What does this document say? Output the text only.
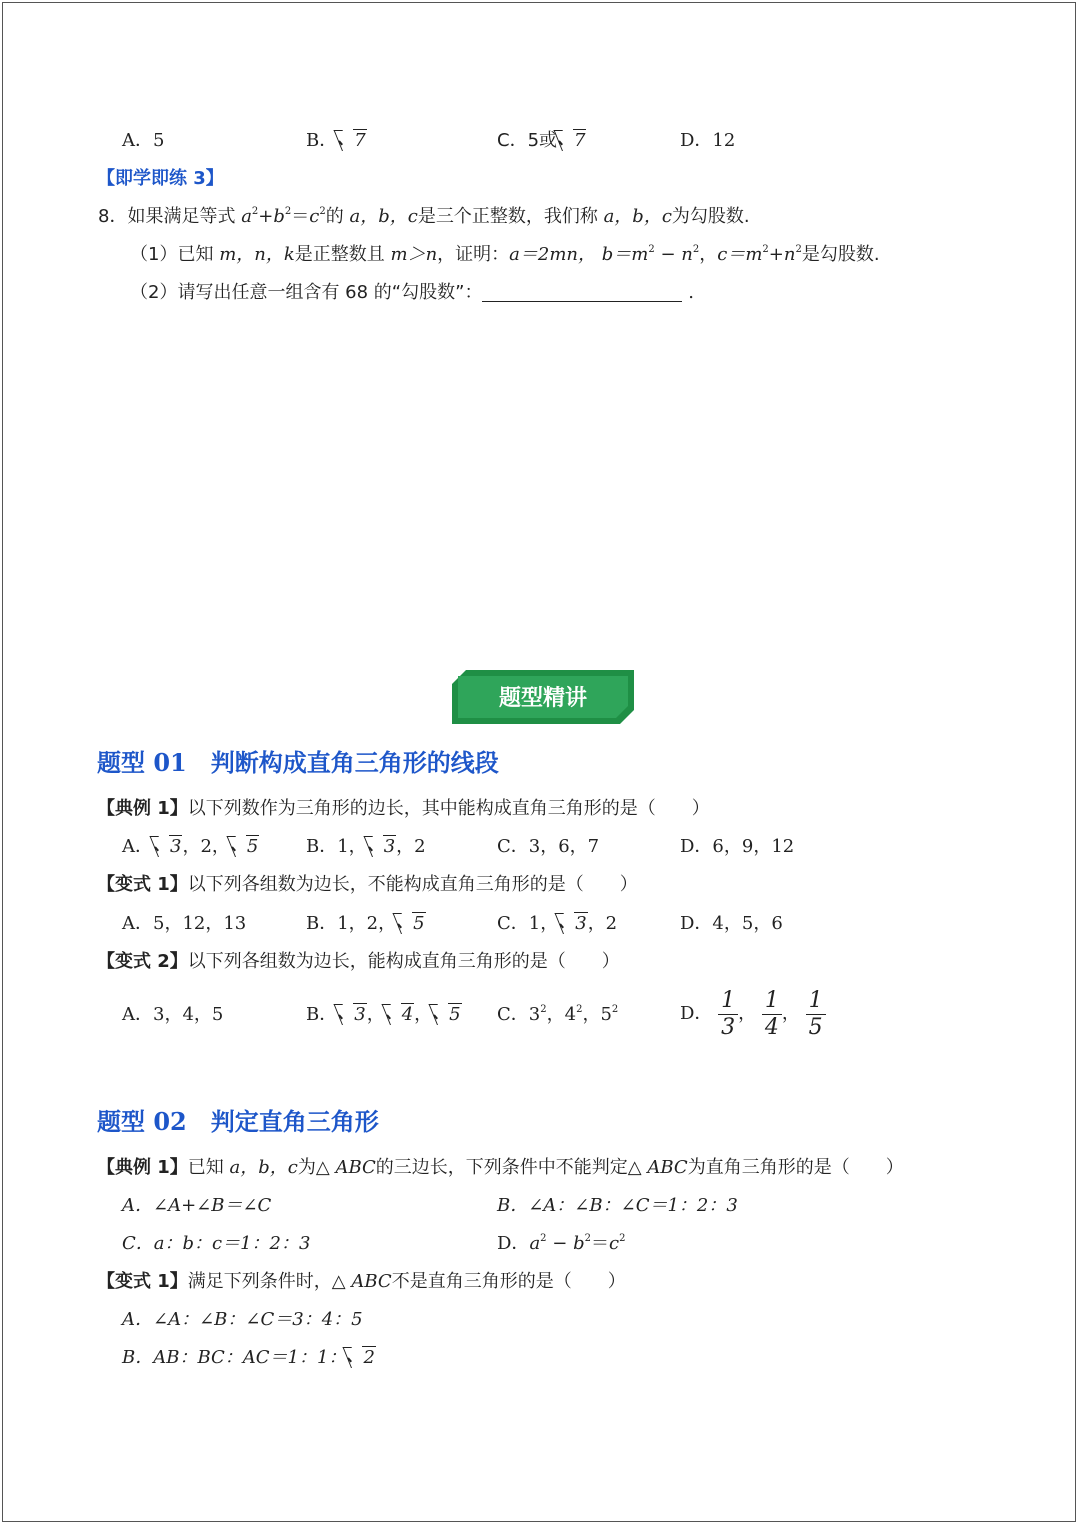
A．5	B． 7	C．5或 7	D．12
【即学即练 3】
8．如果满足等式 $a^2+b^2=c^2$的 a，b，c是三个正整数，我们称 a，b，c为勾股数.
（1）已知 m，n，k是正整数且 m＞n，证明：a＝2mn， $b=m^2 - n^2$，$c=m^2+n^2$是勾股数.
（2）请写出任意一组含有 68 的“勾股数”：	.
题型精讲
题型 01　判断构成直角三角形的线段
【典例 1】以下列数作为三角形的边长，其中能构成直角三角形的是（　　）
A． 3，2， 5	B．1， 3，2	C．3，6，7	D．6，9，12
【变式 1】以下列各组数为边长，不能构成直角三角形的是（　　）
A．5，12，13	B．1，2， 5	C．1， 3，2	D．4，5，6
【变式 2】以下列各组数为边长，能构成直角三角形的是（　　）
A．3，4，5	B． 3， 4， 5 C．$3^2$，$4^2$，$5^2$	D． $\frac{1}{3}$ ， $\frac{1}{4}$ ， $\frac{1}{5}$
题型 02　判定直角三角形
【典例 1】已知 a，b，c为△ ABC的三边长，下列条件中不能判定△ ABC为直角三角形的是（　　）
A．∠A+∠B＝∠C	B．∠A：∠B：∠C＝1：2：3
C．a：b：c＝1：2：3	D．$a^2 - b^2=c^2$
【变式 1】满足下列条件时，△ ABC不是直角三角形的是（　　）
A．∠A：∠B：∠C＝3：4：5
B．AB：BC：AC＝1：1： 2
